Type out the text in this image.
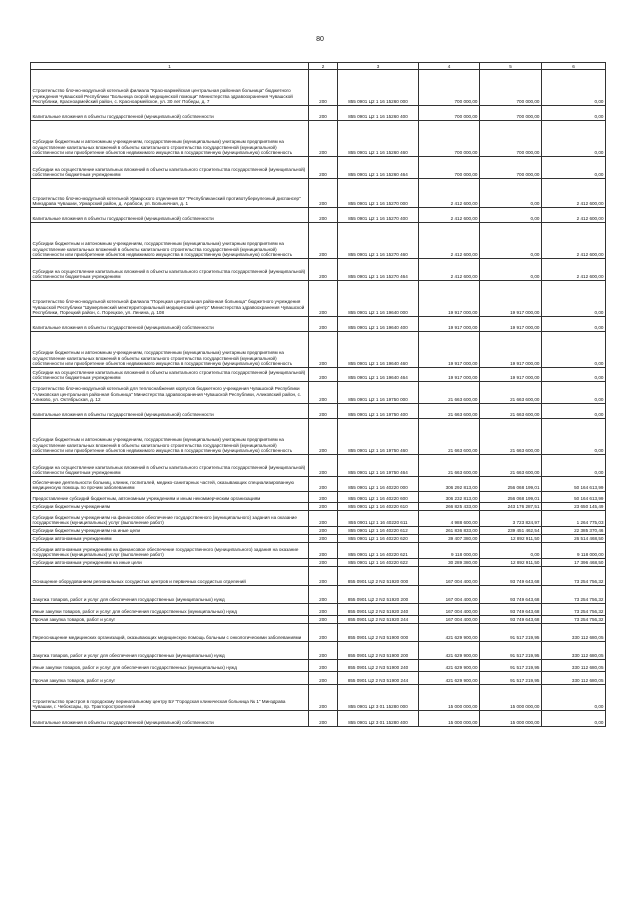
80
1	2	3	4	5	6
Строительство блочно-модульной котельной филиала "Красноармейская центральная районная больница" бюджетного учреждения Чувашской Республики "Больница скорой медицинской помощи" Министерства здравоохранения Чувашской Республики, Красноармейский район, с. Красноармейское, ул. 30 лет Победы, д. 7	200	855 0901 Ц2 1 16 15260 000	700 000,00	700 000,00	0,00
Капитальные вложения в объекты государственной (муниципальной) собственности	200	855 0901 Ц2 1 16 15260 400	700 000,00	700 000,00	0,00
Субсидии бюджетным и автономным учреждениям, государственным (муниципальным) унитарным предприятиям на осуществление капитальных вложений в объекты капитального строительства государственной (муниципальной) собственности или приобретение объектов недвижимого имущества в государственную (муниципальную) собственность	200	855 0901 Ц2 1 16 15260 460	700 000,00	700 000,00	0,00
Субсидии на осуществление капитальных вложений в объекты капитального строительства государственной (муниципальной) собственности бюджетным учреждениям	200	855 0901 Ц2 1 16 15260 464	700 000,00	700 000,00	0,00
Строительство блочно-модульной котельной Урмарского отделения БУ "Республиканский противотуберкулезный диспансер" Минздрава Чувашии, Урмарский район, д. Арабоси, ул. Больничная, д. 1	200	855 0901 Ц2 1 16 15270 000	2 412 600,00	0,00	2 412 600,00
Капитальные вложения в объекты государственной (муниципальной) собственности	200	855 0901 Ц2 1 16 15270 400	2 412 600,00	0,00	2 412 600,00
Субсидии бюджетным и автономным учреждениям, государственным (муниципальным) унитарным предприятиям на осуществление капитальных вложений в объекты капитального строительства государственной (муниципальной) собственности или приобретение объектов недвижимого имущества в государственную (муниципальную) собственность	200	855 0901 Ц2 1 16 15270 460	2 412 600,00	0,00	2 412 600,00
Субсидии на осуществление капитальных вложений в объекты капитального строительства государственной (муниципальной) собственности бюджетным учреждениям	200	855 0901 Ц2 1 16 15270 464	2 412 600,00	0,00	2 412 600,00
Строительство блочно-модульной котельной филиала "Порецкая центральная районная больница" бюджетного учреждения Чувашской Республики "Шумерлинский межтерриториальный медицинский центр" Министерства здравоохранения Чувашской Республики, Порецкий район, с. Порецкое, ул. Ленина, д. 108	200	855 0901 Ц2 1 16 19640 000	19 917 000,00	19 917 000,00	0,00
Капитальные вложения в объекты государственной (муниципальной) собственности	200	855 0901 Ц2 1 16 19640 400	19 917 000,00	19 917 000,00	0,00
Субсидии бюджетным и автономным учреждениям, государственным (муниципальным) унитарным предприятиям на осуществление капитальных вложений в объекты капитального строительства государственной (муниципальной) собственности или приобретение объектов недвижимого имущества в государственную (муниципальную) собственность	200	855 0901 Ц2 1 16 19640 460	19 917 000,00	19 917 000,00	0,00
Субсидии на осуществление капитальных вложений в объекты капитального строительства государственной (муниципальной) собственности бюджетным учреждениям	200	855 0901 Ц2 1 16 19640 464	19 917 000,00	19 917 000,00	0,00
Строительство блочно-модульной котельной для теплоснабжения корпусов бюджетного учреждения Чувашской Республики "Аликовская центральная районная больница" Министерства здравоохранения Чувашской Республики, Аликовский район, с. Аликово, ул. Октябрьская, д. 12	200	855 0901 Ц2 1 16 19750 000	21 663 600,00	21 663 600,00	0,00
Капитальные вложения в объекты государственной (муниципальной) собственности	200	855 0901 Ц2 1 16 19750 400	21 663 600,00	21 663 600,00	0,00
Субсидии бюджетным и автономным учреждениям, государственным (муниципальным) унитарным предприятиям на осуществление капитальных вложений в объекты капитального строительства государственной (муниципальной) собственности или приобретение объектов недвижимого имущества в государственную (муниципальную) собственность	200	855 0901 Ц2 1 16 19750 460	21 663 600,00	21 663 600,00	0,00
Субсидии на осуществление капитальных вложений в объекты капитального строительства государственной (муниципальной) собственности бюджетным учреждениям	200	855 0901 Ц2 1 16 19750 464	21 663 600,00	21 663 600,00	0,00
Обеспечение деятельности больниц, клиник, госпиталей, медико-санитарных частей, оказывающих специализированную медицинскую помощь по прочим заболеваниям	200	855 0901 Ц2 1 16 40220 000	306 292 813,00	256 068 199,01	50 164 613,99
Предоставление субсидий бюджетным, автономным учреждениям и иным некоммерческим организациям	200	855 0901 Ц2 1 16 40220 600	306 232 813,00	256 068 199,01	50 164 613,99
Субсидии бюджетным учреждениям	200	855 0901 Ц2 1 16 40220 610	266 825 433,00	243 176 287,51	23 650 145,49
Субсидии бюджетным учреждениям на финансовое обеспечение государственного (муниципального) задания на оказание государственных (муниципальных) услуг (выполнение работ)	200	855 0901 Ц2 1 16 40220 611	4 988 600,00	3 723 824,97	1 264 775,03
Субсидии бюджетным учреждениям на иные цели	200	855 0901 Ц2 1 16 40220 612	261 836 833,00	239 451 462,54	22 385 370,46
Субсидии автономным учреждениям	200	855 0901 Ц2 1 16 40220 620	39 407 380,00	12 892 911,50	26 514 468,50
Субсидии автономным учреждениям на финансовое обеспечение государственного (муниципального) задания на оказание государственных (муниципальных) услуг (выполнение работ)	200	855 0901 Ц2 1 16 40220 621	9 118 000,00	0,00	9 118 000,00
Субсидии автономным учреждениям на иные цели	200	855 0901 Ц2 1 16 40220 622	30 289 380,00	12 892 911,50	17 396 468,50
Оснащение оборудованием региональных сосудистых центров и первичных сосудистых отделений	200	855 0901 Ц2 2 N2 51920 000	167 004 400,00	93 749 643,68	73 254 756,32
Закупка товаров, работ и услуг для обеспечения государственных (муниципальных) нужд	200	855 0901 Ц2 2 N2 51920 200	167 004 400,00	93 749 643,68	73 254 756,32
Иные закупки товаров, работ и услуг для обеспечения государственных (муниципальных) нужд	200	855 0901 Ц2 2 N2 51920 240	167 004 400,00	93 749 643,68	73 254 756,32
Прочая закупка товаров, работ и услуг	200	855 0901 Ц2 2 N2 51920 244	167 004 400,00	93 749 643,68	73 254 756,32
Переоснащение медицинских организаций, оказывающих медицинскую помощь больным с онкологическими заболеваниями	200	855 0901 Ц2 2 N3 51900 000	421 629 900,00	91 517 219,95	330 112 680,05
Закупка товаров, работ и услуг для обеспечения государственных (муниципальных) нужд	200	855 0901 Ц2 2 N3 51900 200	421 629 900,00	91 517 219,95	330 112 680,05
Иные закупки товаров, работ и услуг для обеспечения государственных (муниципальных) нужд	200	855 0901 Ц2 2 N3 51900 240	421 629 900,00	91 517 219,95	330 112 680,05
Прочая закупка товаров, работ и услуг	200	855 0901 Ц2 2 N3 51900 244	421 629 900,00	91 517 219,95	330 112 680,05
Строительство пристроя в городскому перинатальному центру БУ "Городская клиническая больница № 1" Минздрава Чувашии, г. Чебоксары, пр. Тракторостроителей	200	855 0901 Ц2 3 01 15280 000	15 000 000,00	15 000 000,00	0,00
Капитальные вложения в объекты государственной (муниципальной) собственности	200	855 0901 Ц2 3 01 15280 400	15 000 000,00	15 000 000,00	0,00
